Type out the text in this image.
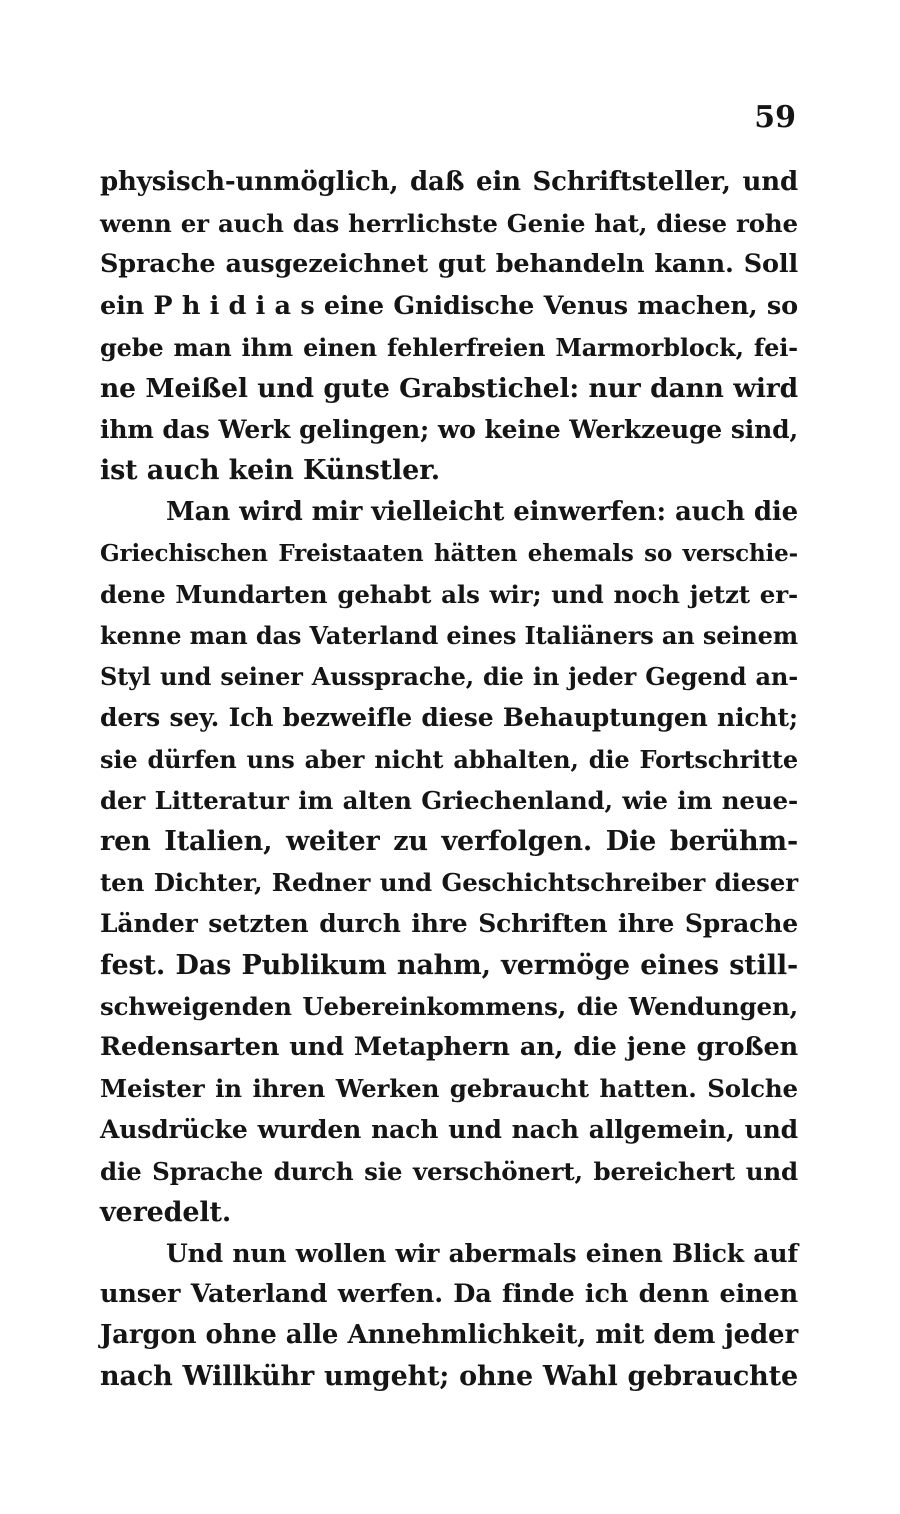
59
physisch-unmöglich, daß ein Schriftsteller, und
wenn er auch das herrlichste Genie hat, diese rohe
Sprache ausgezeichnet gut behandeln kann. Soll
ein P h i d i a s eine Gnidische Venus machen, so
gebe man ihm einen fehlerfreien Marmorblock, fei-
ne Meißel und gute Grabstichel: nur dann wird
ihm das Werk gelingen; wo keine Werkzeuge sind,
ist auch kein Künstler.
Man wird mir vielleicht einwerfen: auch die
Griechischen Freistaaten hätten ehemals so verschie-
dene Mundarten gehabt als wir; und noch jetzt er-
kenne man das Vaterland eines Italiäners an seinem
Styl und seiner Aussprache, die in jeder Gegend an-
ders sey. Ich bezweifle diese Behauptungen nicht;
sie dürfen uns aber nicht abhalten, die Fortschritte
der Litteratur im alten Griechenland, wie im neue-
ren Italien, weiter zu verfolgen. Die berühm-
ten Dichter, Redner und Geschichtschreiber dieser
Länder setzten durch ihre Schriften ihre Sprache
fest. Das Publikum nahm, vermöge eines still-
schweigenden Uebereinkommens, die Wendungen,
Redensarten und Metaphern an, die jene großen
Meister in ihren Werken gebraucht hatten. Solche
Ausdrücke wurden nach und nach allgemein, und
die Sprache durch sie verschönert, bereichert und
veredelt.
Und nun wollen wir abermals einen Blick auf
unser Vaterland werfen. Da finde ich denn einen
Jargon ohne alle Annehmlichkeit, mit dem jeder
nach Willkühr umgeht; ohne Wahl gebrauchte
